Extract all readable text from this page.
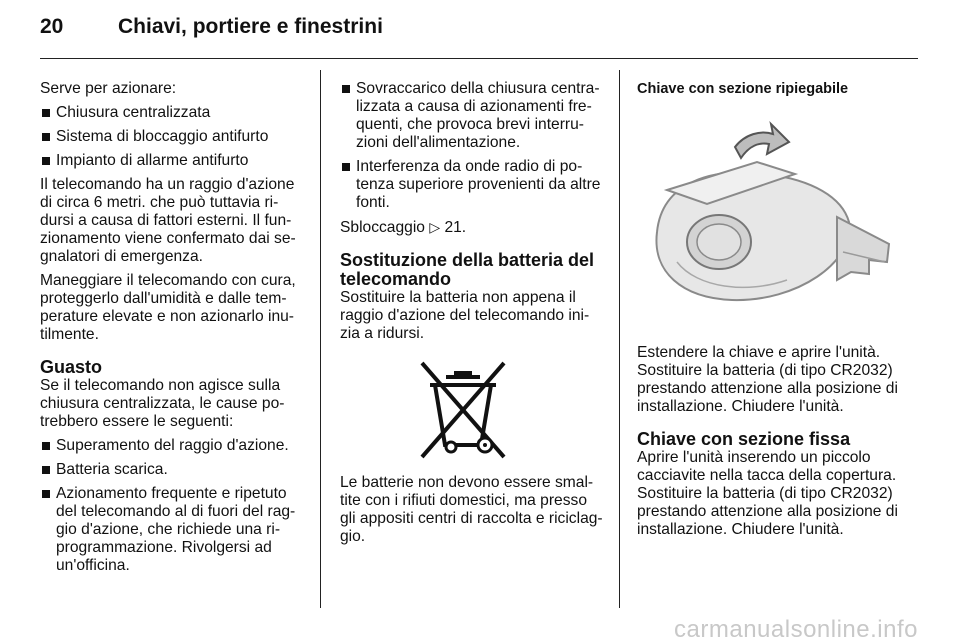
20	Chiavi, portiere e finestrini

Serve per azionare:

Chiusura centralizzata
Sistema di bloccaggio antifurto
Impianto di allarme antifurto

Il telecomando ha un raggio d'azione di circa 6 metri. che può tuttavia ri-dursi a causa di fattori esterni. Il fun-zionamento viene confermato dai se-gnalatori di emergenza.

Maneggiare il telecomando con cura, proteggerlo dall'umidità e dalle tem-perature elevate e non azionarlo inu-tilmente.

Guasto

Se il telecomando non agisce sulla chiusura centralizzata, le cause po-trebbero essere le seguenti:

Superamento del raggio d'azione.
Batteria scarica.
Azionamento frequente e ripetuto del telecomando al di fuori del rag-gio d'azione, che richiede una ri-programmazione. Rivolgersi ad un'officina.
Sovraccarico della chiusura centra-lizzata a causa di azionamenti fre-quenti, che provoca brevi interru-zioni dell'alimentazione.
Interferenza da onde radio di po-tenza superiore provenienti da altre fonti.

Sbloccaggio ▷ 21.

Sostituzione della batteria del telecomando

Sostituire la batteria non appena il raggio d'azione del telecomando ini-zia a ridursi.

Le batterie non devono essere smal-tite con i rifiuti domestici, ma presso gli appositi centri di raccolta e riciclag-gio.

Chiave con sezione ripiegabile

Estendere la chiave e aprire l'unità. Sostituire la batteria (di tipo CR2032) prestando attenzione alla posizione di installazione. Chiudere l'unità.

Chiave con sezione fissa

Aprire l'unità inserendo un piccolo cacciavite nella tacca della copertura. Sostituire la batteria (di tipo CR2032) prestando attenzione alla posizione di installazione. Chiudere l'unità.

carmanualsonline.info
